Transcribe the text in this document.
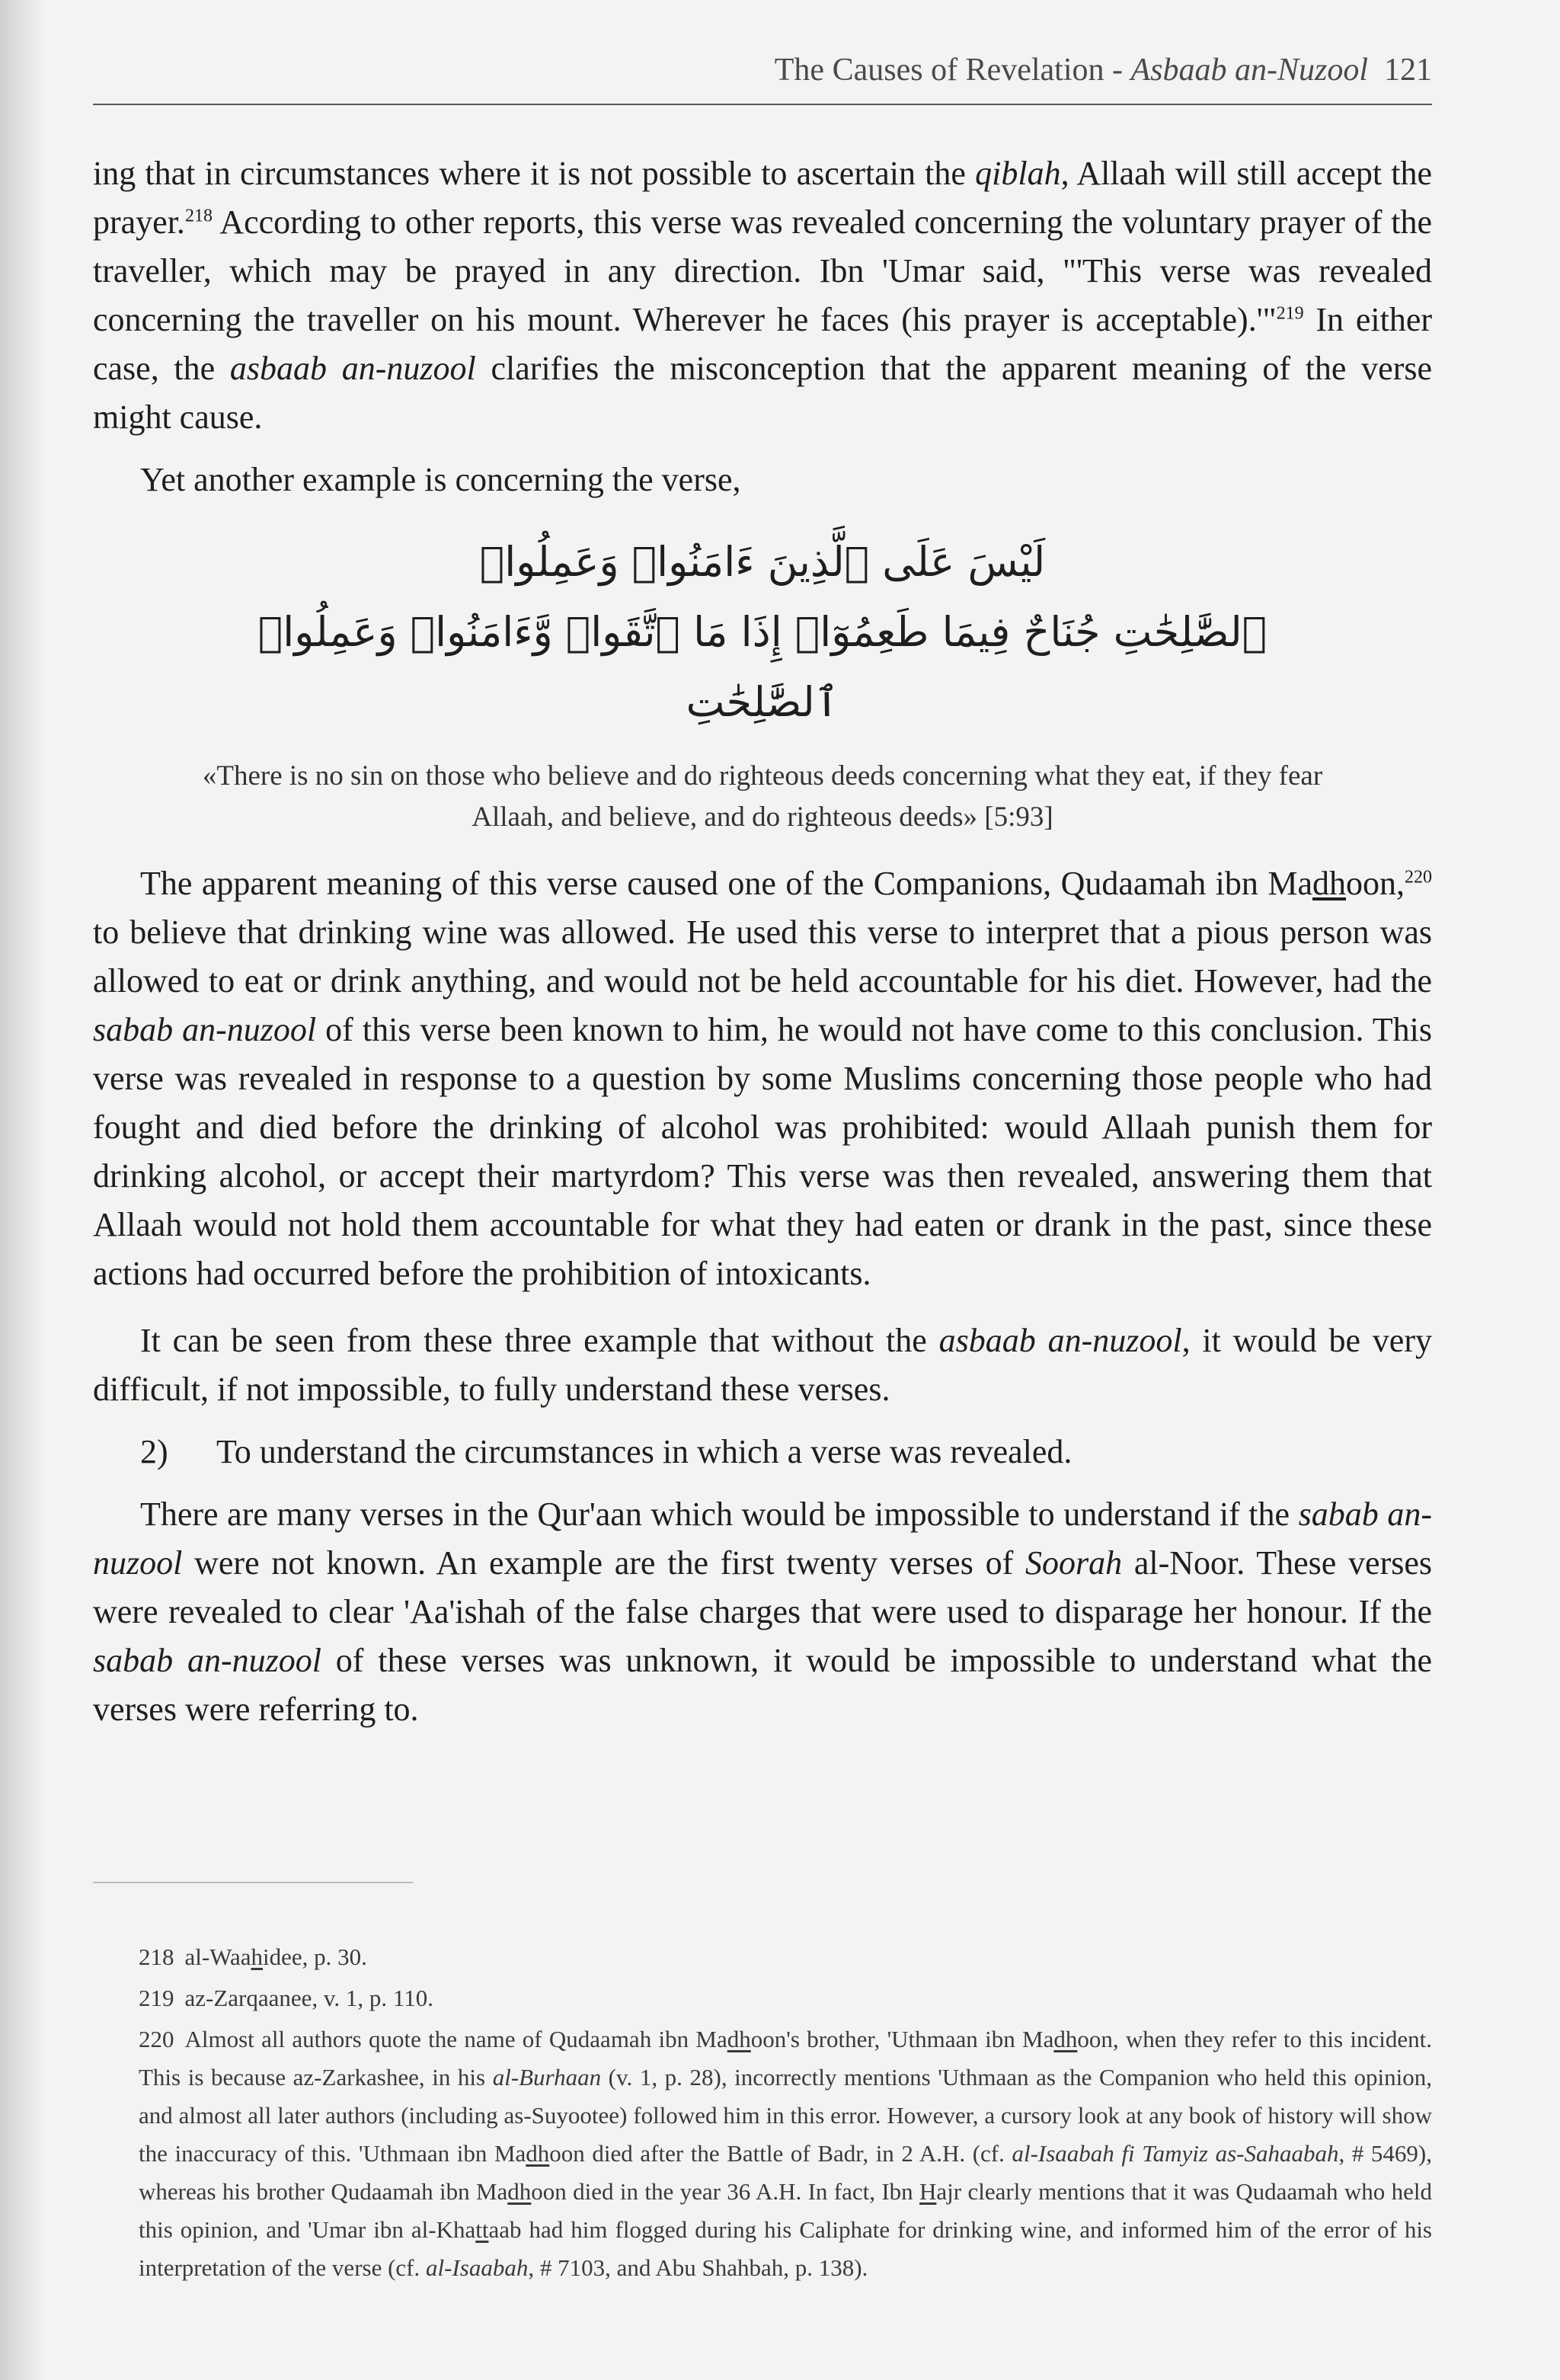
The Causes of Revelation - Asbaab an-Nuzool 121

ing that in circumstances where it is not possible to ascertain the qiblah, Allaah will still accept the prayer.$^{218}$ According to other reports, this verse was revealed concerning the voluntary prayer of the traveller, which may be prayed in any direction. Ibn 'Umar said, "'This verse was revealed concerning the traveller on his mount. Wherever he faces (his prayer is acceptable).'"$^{219}$ In either case, the asbaab an-nuzool clarifies the misconception that the apparent meaning of the verse might cause.

Yet another example is concerning the verse,

لَيْسَ عَلَى ٱلَّذِينَ ءَامَنُوا۟ وَعَمِلُوا۟
ٱلصَّٰلِحَٰتِ جُنَاحٌ فِيمَا طَعِمُوٓا۟ إِذَا مَا ٱتَّقَوا۟ وَّءَامَنُوا۟ وَعَمِلُوا۟
ٱلصَّٰلِحَٰتِ
«There is no sin on those who believe and do righteous deeds concerning what they eat, if they fear Allaah, and believe, and do righteous deeds» [5:93]

The apparent meaning of this verse caused one of the Companions, Qudaamah ibn Madhoon,$^{220}$ to believe that drinking wine was allowed. He used this verse to interpret that a pious person was allowed to eat or drink anything, and would not be held accountable for his diet. However, had the sabab an-nuzool of this verse been known to him, he would not have come to this conclusion. This verse was revealed in response to a question by some Muslims concerning those people who had fought and died before the drinking of alcohol was prohibited: would Allaah punish them for drinking alcohol, or accept their martyrdom? This verse was then revealed, answering them that Allaah would not hold them accountable for what they had eaten or drank in the past, since these actions had occurred before the prohibition of intoxicants.

It can be seen from these three example that without the asbaab an-nuzool, it would be very difficult, if not impossible, to fully understand these verses.

2)	To understand the circumstances in which a verse was revealed.

There are many verses in the Qur'aan which would be impossible to understand if the sabab an-nuzool were not known. An example are the first twenty verses of Soorah al-Noor. These verses were revealed to clear 'Aa'ishah of the false charges that were used to disparage her honour. If the sabab an-nuzool of these verses was unknown, it would be impossible to understand what the verses were referring to.

218 al-Waahidee, p. 30.

219 az-Zarqaanee, v. 1, p. 110.

220 Almost all authors quote the name of Qudaamah ibn Madhoon's brother, 'Uthmaan ibn Madhoon, when they refer to this incident. This is because az-Zarkashee, in his al-Burhaan (v. 1, p. 28), incorrectly mentions 'Uthmaan as the Companion who held this opinion, and almost all later authors (including as-Suyootee) followed him in this error. However, a cursory look at any book of history will show the inaccuracy of this. 'Uthmaan ibn Madhoon died after the Battle of Badr, in 2 A.H. (cf. al-Isaabah fi Tamyiz as-Sahaabah, # 5469), whereas his brother Qudaamah ibn Madhoon died in the year 36 A.H. In fact, Ibn Hajr clearly mentions that it was Qudaamah who held this opinion, and 'Umar ibn al-Khattaab had him flogged during his Caliphate for drinking wine, and informed him of the error of his interpretation of the verse (cf. al-Isaabah, # 7103, and Abu Shahbah, p. 138).
